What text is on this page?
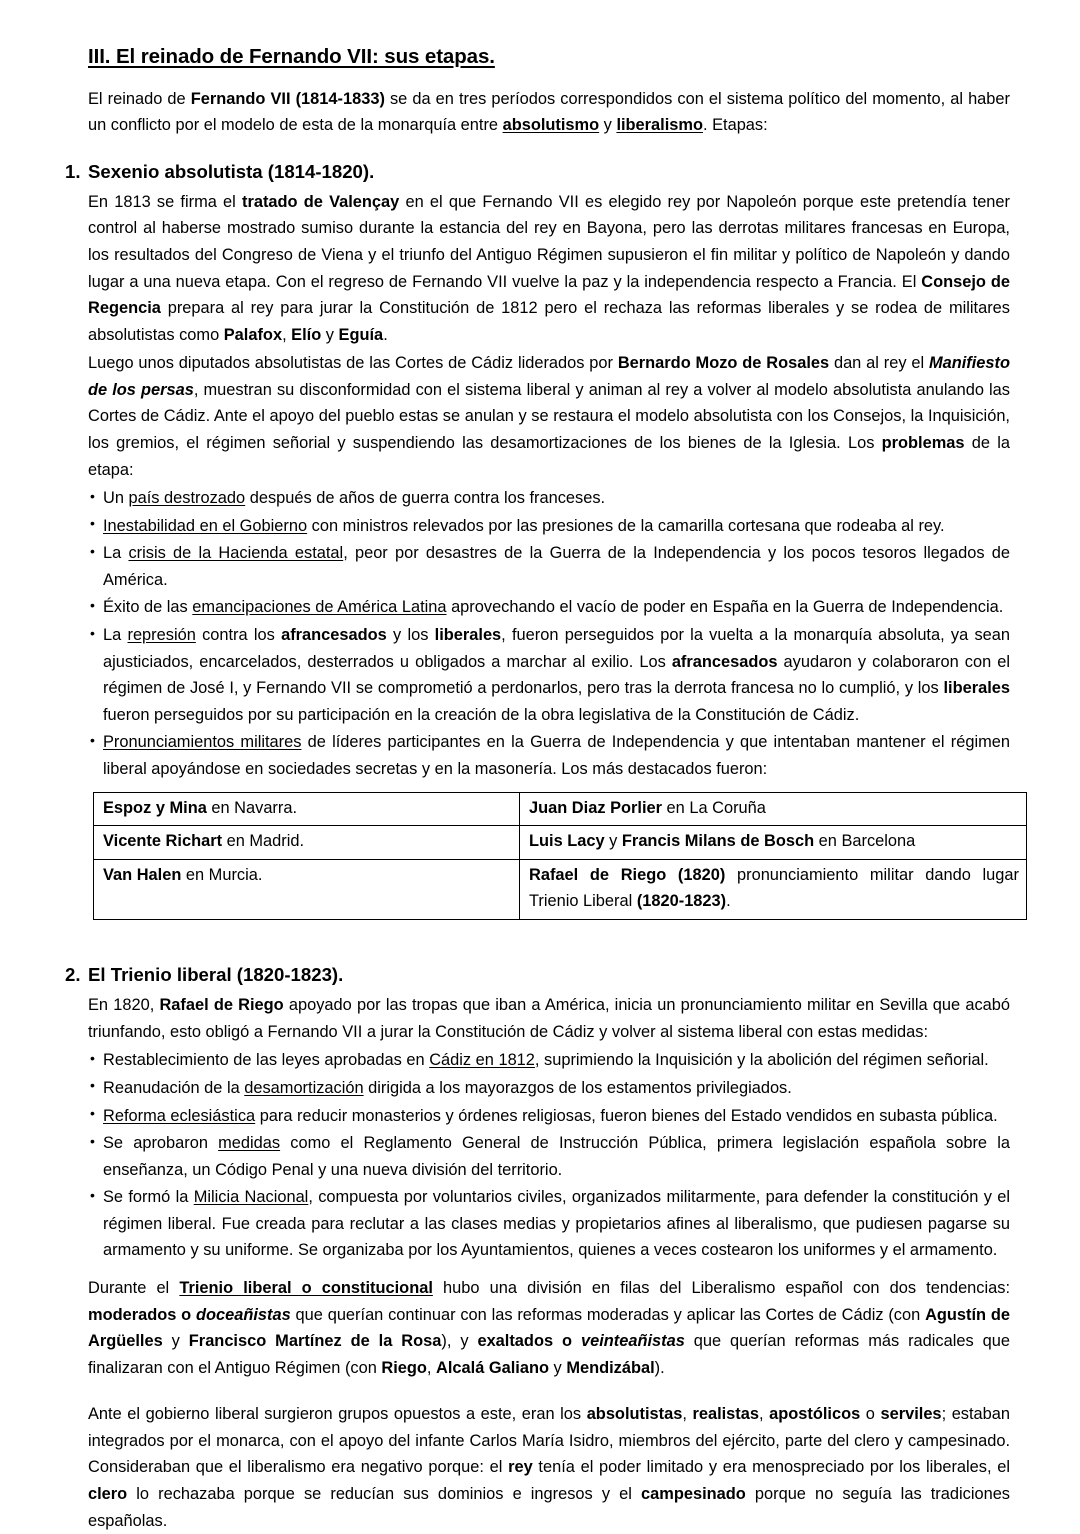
III. El reinado de Fernando VII: sus etapas.

El reinado de Fernando VII (1814-1833) se da en tres períodos correspondidos con el sistema político del momento, al haber un conflicto por el modelo de esta de la monarquía entre absolutismo y liberalismo. Etapas:

1. Sexenio absolutista (1814-1820).

En 1813 se firma el tratado de Valençay en el que Fernando VII es elegido rey por Napoleón porque este pretendía tener control al haberse mostrado sumiso durante la estancia del rey en Bayona, pero las derrotas militares francesas en Europa, los resultados del Congreso de Viena y el triunfo del Antiguo Régimen supusieron el fin militar y político de Napoleón y dando lugar a una nueva etapa. Con el regreso de Fernando VII vuelve la paz y la independencia respecto a Francia. El Consejo de Regencia prepara al rey para jurar la Constitución de 1812 pero el rechaza las reformas liberales y se rodea de militares absolutistas como Palafox, Elío y Eguía.

Luego unos diputados absolutistas de las Cortes de Cádiz liderados por Bernardo Mozo de Rosales dan al rey el Manifiesto de los persas, muestran su disconformidad con el sistema liberal y animan al rey a volver al modelo absolutista anulando las Cortes de Cádiz. Ante el apoyo del pueblo estas se anulan y se restaura el modelo absolutista con los Consejos, la Inquisición, los gremios, el régimen señorial y suspendiendo las desamortizaciones de los bienes de la Iglesia. Los problemas de la etapa:

• Un país destrozado después de años de guerra contra los franceses.
• Inestabilidad en el Gobierno con ministros relevados por las presiones de la camarilla cortesana que rodeaba al rey.
• La crisis de la Hacienda estatal, peor por desastres de la Guerra de la Independencia y los pocos tesoros llegados de América.
• Éxito de las emancipaciones de América Latina aprovechando el vacío de poder en España en la Guerra de Independencia.
• La represión contra los afrancesados y los liberales, fueron perseguidos por la vuelta a la monarquía absoluta, ya sean ajusticiados, encarcelados, desterrados u obligados a marchar al exilio. Los afrancesados ayudaron y colaboraron con el régimen de José I, y Fernando VII se comprometió a perdonarlos, pero tras la derrota francesa no lo cumplió, y los liberales fueron perseguidos por su participación en la creación de la obra legislativa de la Constitución de Cádiz.
• Pronunciamientos militares de líderes participantes en la Guerra de Independencia y que intentaban mantener el régimen liberal apoyándose en sociedades secretas y en la masonería. Los más destacados fueron:
Espoz y Mina en Navarra.	Juan Diaz Porlier en La Coruña
Vicente Richart en Madrid.	Luis Lacy y Francis Milans de Bosch en Barcelona
Van Halen en Murcia.	Rafael de Riego (1820) pronunciamiento militar dando lugar Trienio Liberal (1820-1823).
2. El Trienio liberal (1820-1823).

En 1820, Rafael de Riego apoyado por las tropas que iban a América, inicia un pronunciamiento militar en Sevilla que acabó triunfando, esto obligó a Fernando VII a jurar la Constitución de Cádiz y volver al sistema liberal con estas medidas:

• Restablecimiento de las leyes aprobadas en Cádiz en 1812, suprimiendo la Inquisición y la abolición del régimen señorial.
• Reanudación de la desamortización dirigida a los mayorazgos de los estamentos privilegiados.
• Reforma eclesiástica para reducir monasterios y órdenes religiosas, fueron bienes del Estado vendidos en subasta pública.
• Se aprobaron medidas como el Reglamento General de Instrucción Pública, primera legislación española sobre la enseñanza, un Código Penal y una nueva división del territorio.
• Se formó la Milicia Nacional, compuesta por voluntarios civiles, organizados militarmente, para defender la constitución y el régimen liberal. Fue creada para reclutar a las clases medias y propietarios afines al liberalismo, que pudiesen pagarse su armamento y su uniforme. Se organizaba por los Ayuntamientos, quienes a veces costearon los uniformes y el armamento.

Durante el Trienio liberal o constitucional hubo una división en filas del Liberalismo español con dos tendencias: moderados o doceañistas que querían continuar con las reformas moderadas y aplicar las Cortes de Cádiz (con Agustín de Argüelles y Francisco Martínez de la Rosa), y exaltados o veinteañistas que querían reformas más radicales que finalizaran con el Antiguo Régimen (con Riego, Alcalá Galiano y Mendizábal).

Ante el gobierno liberal surgieron grupos opuestos a este, eran los absolutistas, realistas, apostólicos o serviles; estaban integrados por el monarca, con el apoyo del infante Carlos María Isidro, miembros del ejército, parte del clero y campesinado. Consideraban que el liberalismo era negativo porque: el rey tenía el poder limitado y era menospreciado por los liberales, el clero lo rechazaba porque se reducían sus dominios e ingresos y el campesinado porque no seguía las tradiciones españolas.
